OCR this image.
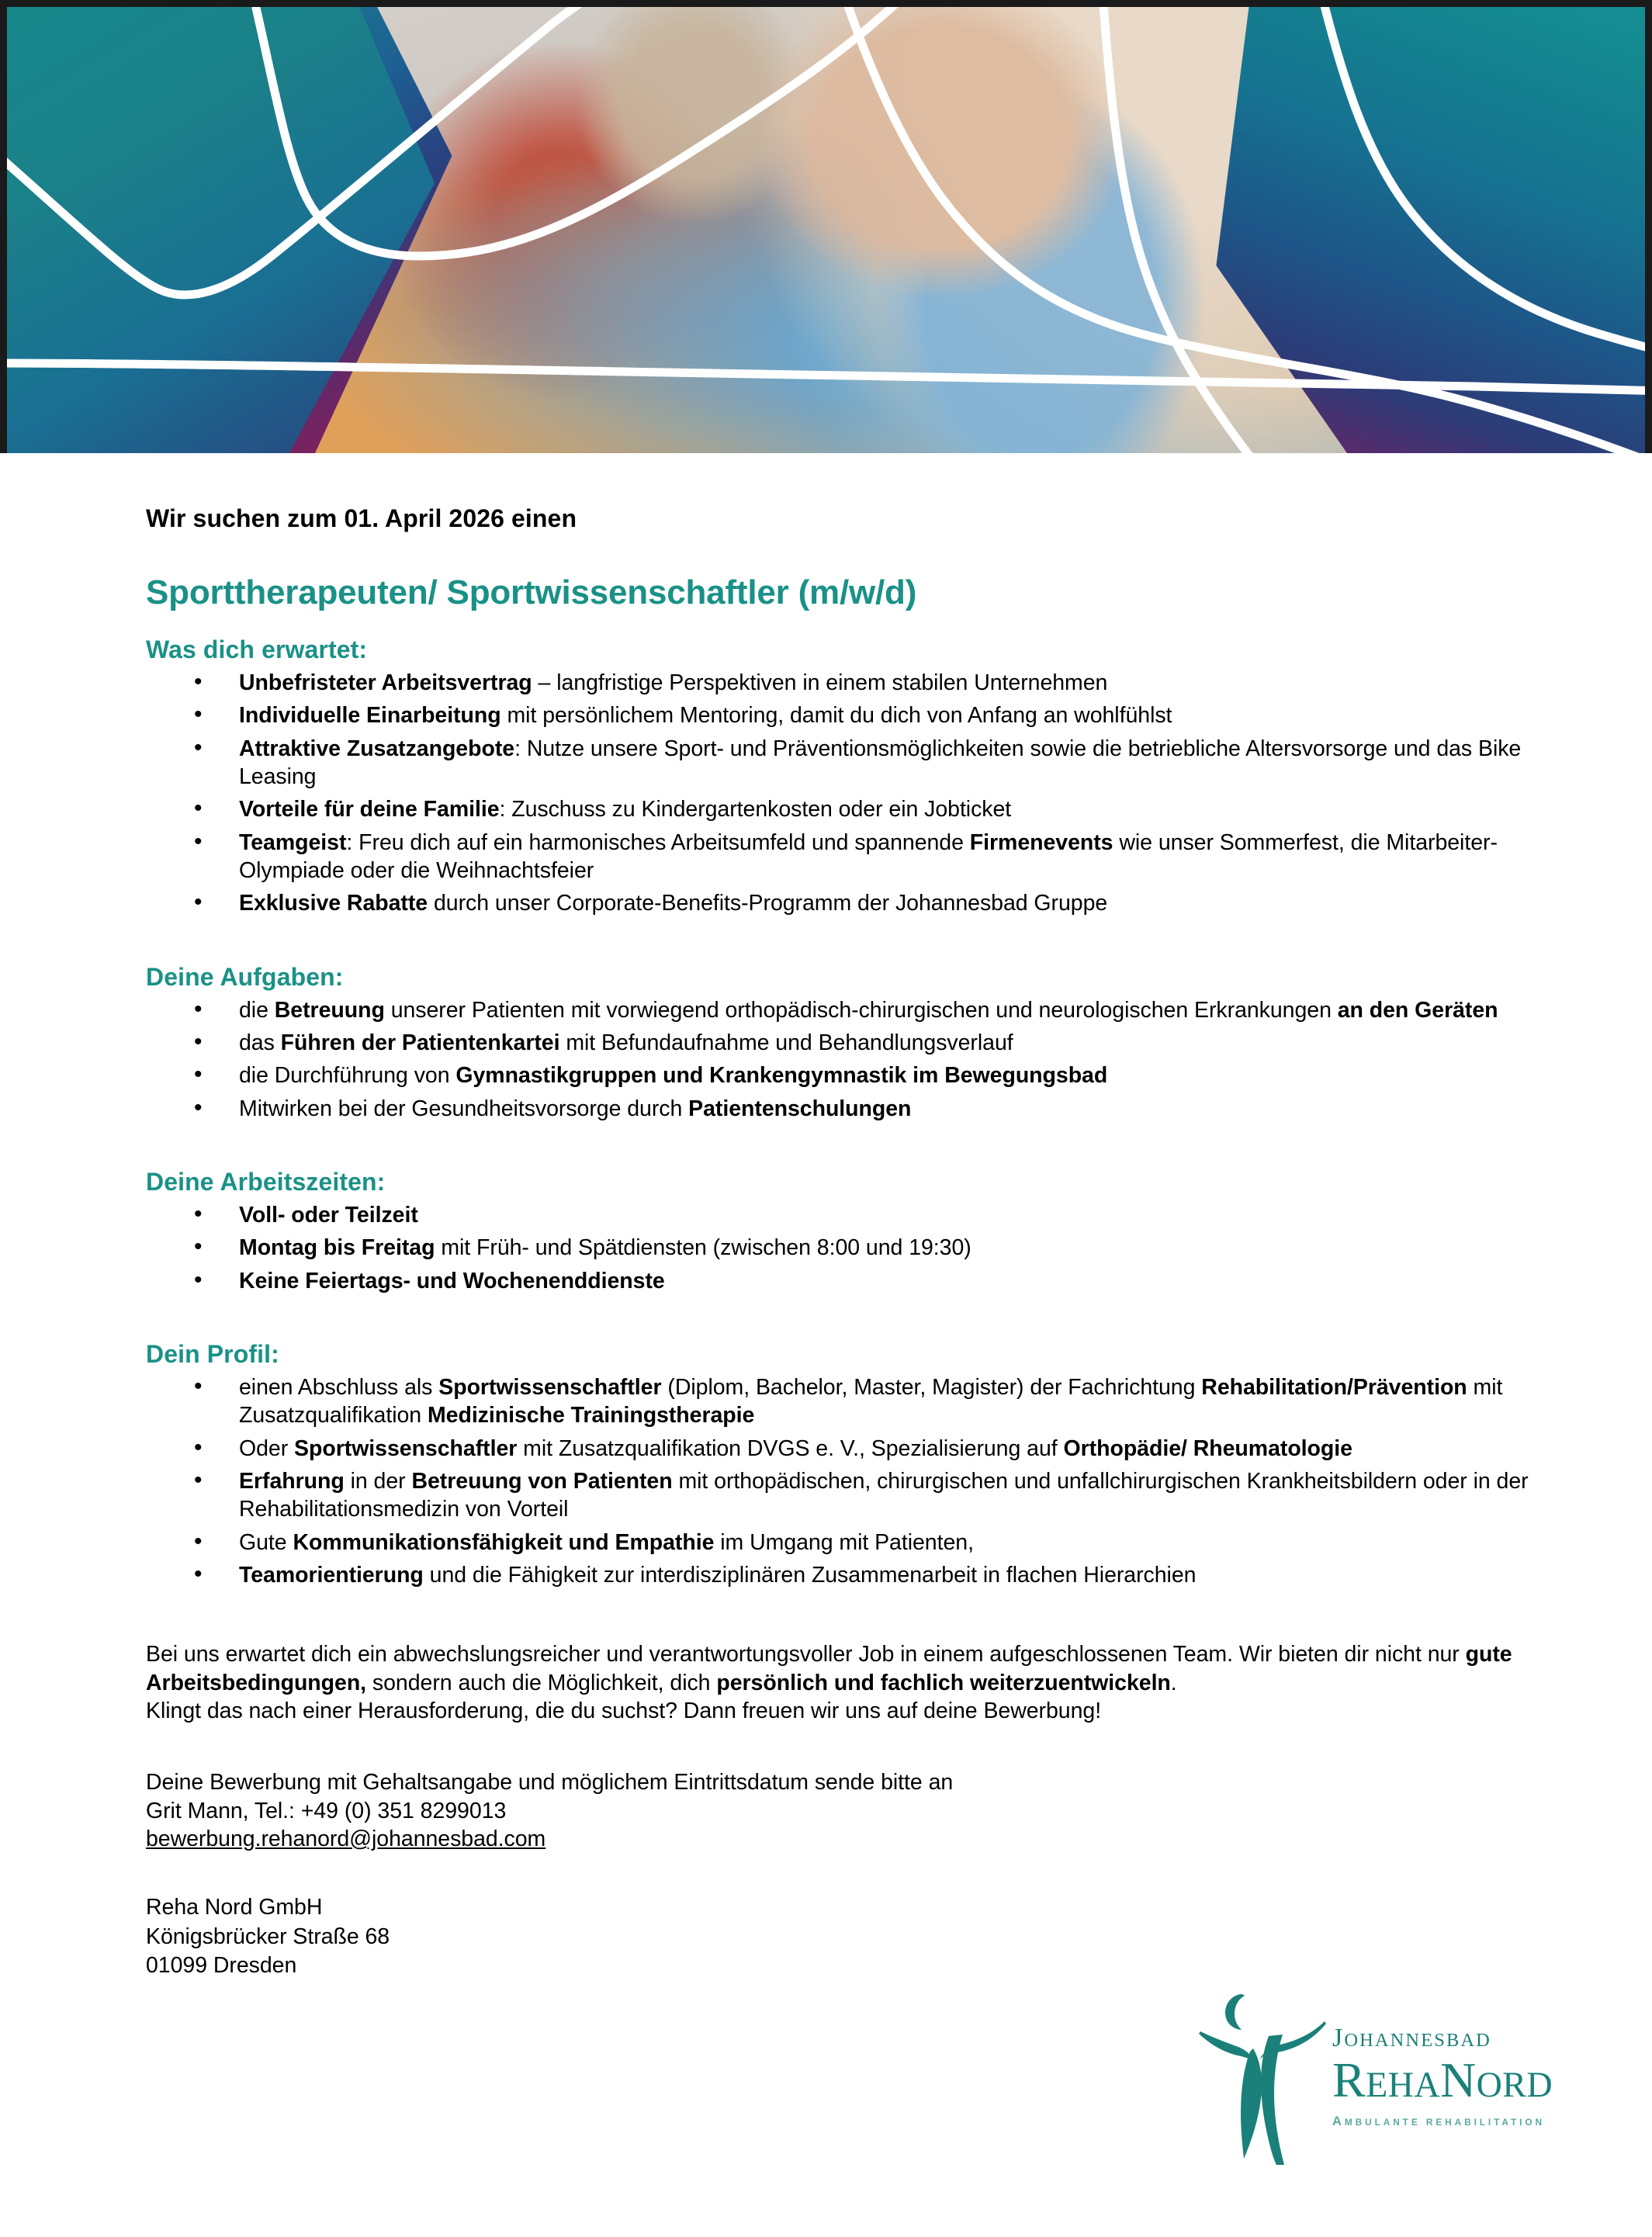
Wir suchen zum 01. April 2026 einen
Sporttherapeuten/ Sportwissenschaftler (m/w/d)
Was dich erwartet:
• Unbefristeter Arbeitsvertrag – langfristige Perspektiven in einem stabilen Unternehmen
• Individuelle Einarbeitung mit persönlichem Mentoring, damit du dich von Anfang an wohlfühlst
• Attraktive Zusatzangebote: Nutze unsere Sport- und Präventionsmöglichkeiten sowie die betriebliche Altersvorsorge und das Bike Leasing
• Vorteile für deine Familie: Zuschuss zu Kindergartenkosten oder ein Jobticket
• Teamgeist: Freu dich auf ein harmonisches Arbeitsumfeld und spannende Firmenevents wie unser Sommerfest, die Mitarbeiter-Olympiade oder die Weihnachtsfeier
• Exklusive Rabatte durch unser Corporate-Benefits-Programm der Johannesbad Gruppe
Deine Aufgaben:
• die Betreuung unserer Patienten mit vorwiegend orthopädisch-chirurgischen und neurologischen Erkrankungen an den Geräten
• das Führen der Patientenkartei mit Befundaufnahme und Behandlungsverlauf
• die Durchführung von Gymnastikgruppen und Krankengymnastik im Bewegungsbad
• Mitwirken bei der Gesundheitsvorsorge durch Patientenschulungen
Deine Arbeitszeiten:
• Voll- oder Teilzeit
• Montag bis Freitag mit Früh- und Spätdiensten (zwischen 8:00 und 19:30)
• Keine Feiertags- und Wochenenddienste
Dein Profil:
• einen Abschluss als Sportwissenschaftler (Diplom, Bachelor, Master, Magister) der Fachrichtung Rehabilitation/Prävention mit Zusatzqualifikation Medizinische Trainingstherapie
• Oder Sportwissenschaftler mit Zusatzqualifikation DVGS e. V., Spezialisierung auf Orthopädie/ Rheumatologie
• Erfahrung in der Betreuung von Patienten mit orthopädischen, chirurgischen und unfallchirurgischen Krankheitsbildern oder in der Rehabilitationsmedizin von Vorteil
• Gute Kommunikationsfähigkeit und Empathie im Umgang mit Patienten,
• Teamorientierung und die Fähigkeit zur interdisziplinären Zusammenarbeit in flachen Hierarchien

Bei uns erwartet dich ein abwechslungsreicher und verantwortungsvoller Job in einem aufgeschlossenen Team. Wir bieten dir nicht nur gute Arbeitsbedingungen, sondern auch die Möglichkeit, dich persönlich und fachlich weiterzuentwickeln.

Klingt das nach einer Herausforderung, die du suchst? Dann freuen wir uns auf deine Bewerbung!

Deine Bewerbung mit Gehaltsangabe und möglichem Eintrittsdatum sende bitte an

Grit Mann, Tel.: +49 (0) 351 8299013

bewerbung.rehanord@johannesbad.com

Reha Nord GmbH
Königsbrücker Straße 68
01099 Dresden
JOHANNESBAD
REHANORD
AMBULANTE REHABILITATION
